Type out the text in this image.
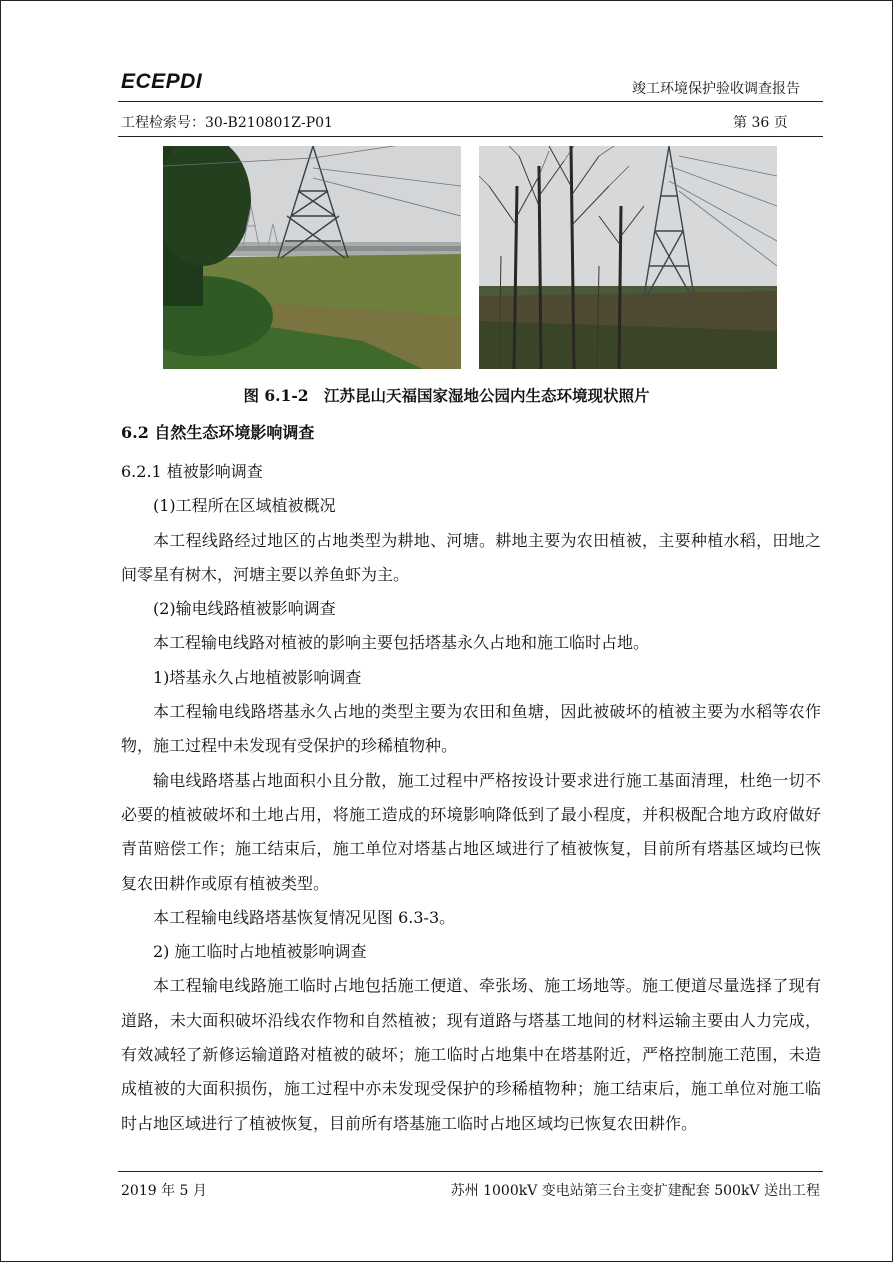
ECEPDI	竣工环境保护验收调查报告
工程检索号：30-B210801Z-P01	第 36 页
图 6.1-2　江苏昆山天福国家湿地公园内生态环境现状照片
6.2 自然生态环境影响调查

6.2.1 植被影响调查

(1)工程所在区域植被概况

本工程线路经过地区的占地类型为耕地、河塘。耕地主要为农田植被，主要种植水稻，田地之间零星有树木，河塘主要以养鱼虾为主。

(2)输电线路植被影响调查

本工程输电线路对植被的影响主要包括塔基永久占地和施工临时占地。

1)塔基永久占地植被影响调查

本工程输电线路塔基永久占地的类型主要为农田和鱼塘，因此被破坏的植被主要为水稻等农作物，施工过程中未发现有受保护的珍稀植物种。

输电线路塔基占地面积小且分散，施工过程中严格按设计要求进行施工基面清理，杜绝一切不必要的植被破坏和土地占用，将施工造成的环境影响降低到了最小程度，并积极配合地方政府做好青苗赔偿工作；施工结束后，施工单位对塔基占地区域进行了植被恢复，目前所有塔基区域均已恢复农田耕作或原有植被类型。

本工程输电线路塔基恢复情况见图 6.3-3。

2) 施工临时占地植被影响调查

本工程输电线路施工临时占地包括施工便道、牵张场、施工场地等。施工便道尽量选择了现有道路，未大面积破坏沿线农作物和自然植被；现有道路与塔基工地间的材料运输主要由人力完成，有效减轻了新修运输道路对植被的破坏；施工临时占地集中在塔基附近，严格控制施工范围，未造成植被的大面积损伤，施工过程中亦未发现受保护的珍稀植物种；施工结束后，施工单位对施工临时占地区域进行了植被恢复，目前所有塔基施工临时占地区域均已恢复农田耕作。

2019 年 5 月	苏州 1000kV 变电站第三台主变扩建配套 500kV 送出工程
